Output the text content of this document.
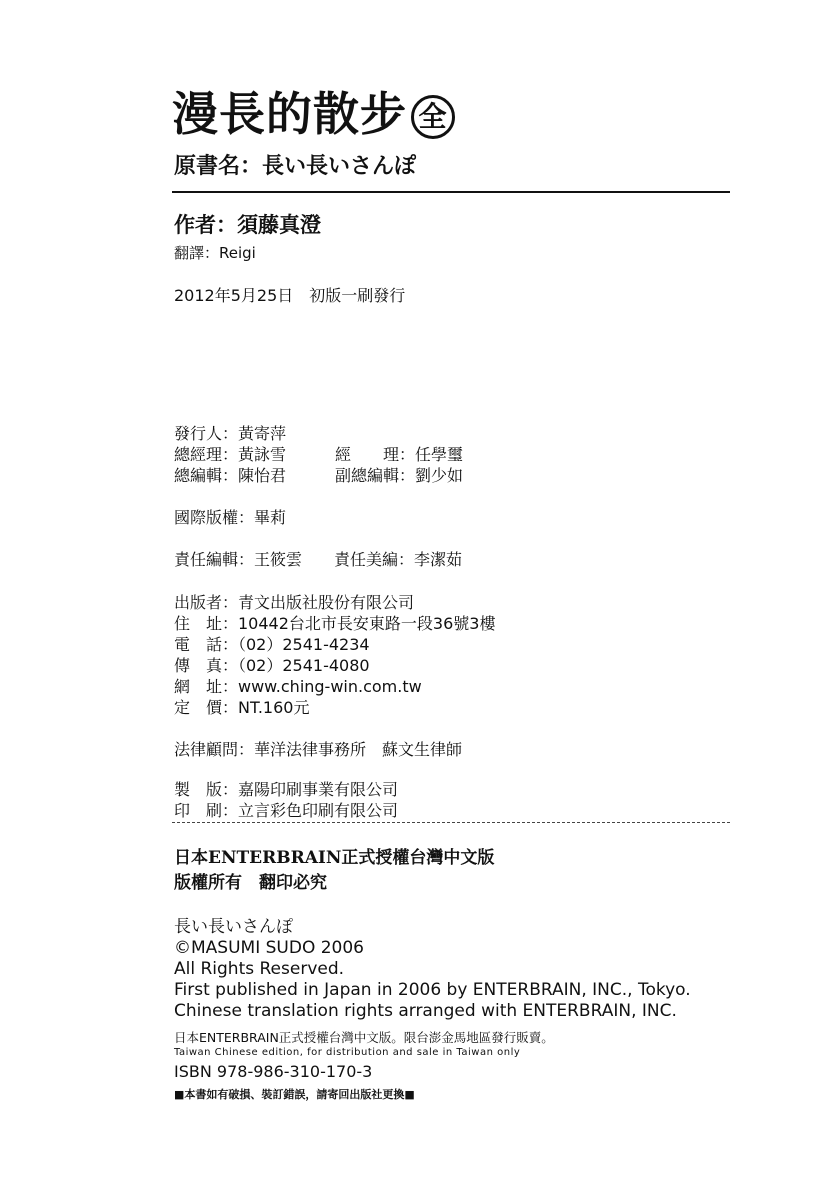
漫長的散步 全
原書名：長い長いさんぽ
作者：須藤真澄
翻譯：Reigi
2012年5月25日　初版一刷發行
發行人：黃寄萍
總經理：黃詠雪	經　　理：任學璽
總編輯：陳怡君	副總編輯：劉少如
國際版權：畢莉
責任編輯：王筱雲 責任美編：李潔茹
出版者：青文出版社股份有限公司
住　址：10442台北市長安東路一段36號3樓
電　話：（02）2541-4234
傳　真：（02）2541-4080
網　址：www.ching-win.com.tw
定　價：NT.160元
法律顧問：華洋法律事務所　蘇文生律師
製　版：嘉陽印刷事業有限公司
印　刷：立言彩色印刷有限公司
日本ENTERBRAIN正式授權台灣中文版
版權所有　翻印必究
長い長いさんぽ
©MASUMI SUDO 2006
All Rights Reserved.
First published in Japan in 2006 by ENTERBRAIN, INC., Tokyo.
Chinese translation rights arranged with ENTERBRAIN, INC.
日本ENTERBRAIN正式授權台灣中文版。限台澎金馬地區發行販賣。
Taiwan Chinese edition, for distribution and sale in Taiwan only
ISBN 978-986-310-170-3
■本書如有破損、裝訂錯誤，請寄回出版社更換■
